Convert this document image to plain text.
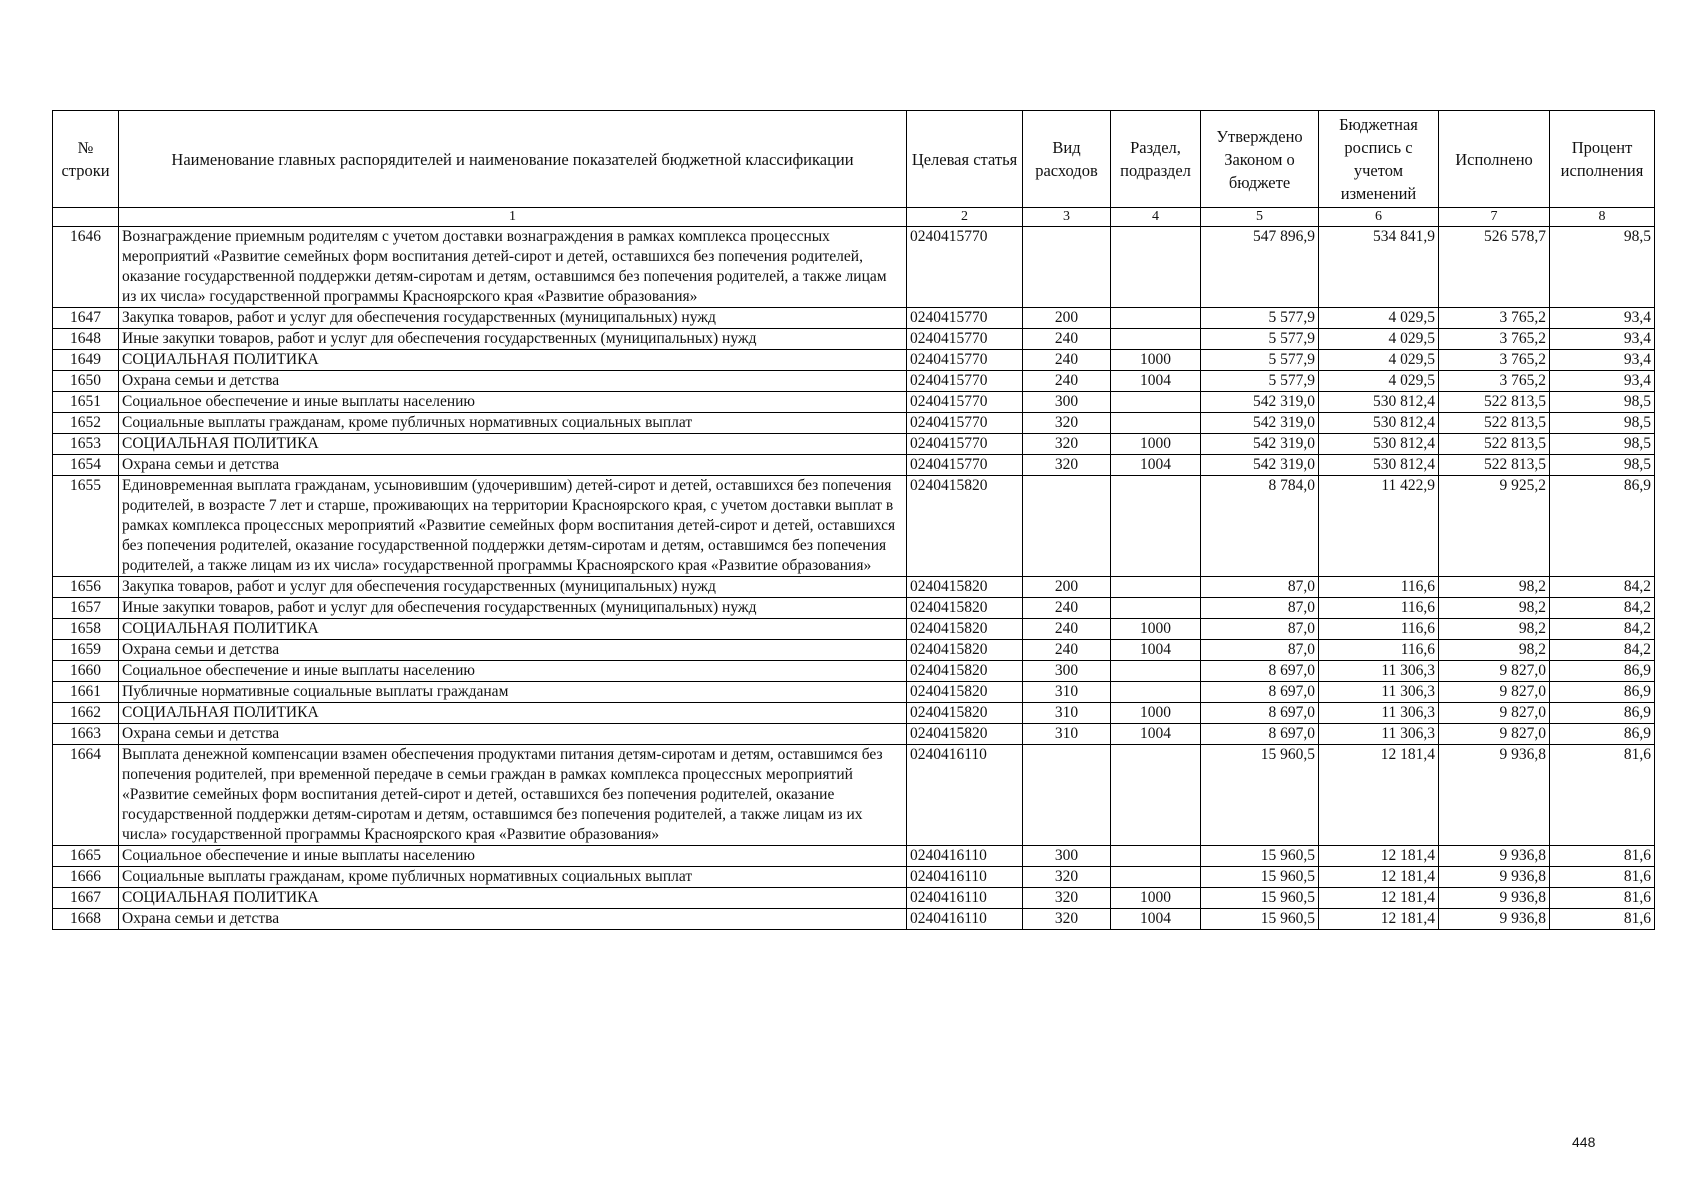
№ строки	Наименование главных распорядителей и наименование показателей бюджетной классификации	Целевая статья	Вид расходов	Раздел, подраздел	Утверждено Законом о бюджете	Бюджетная роспись с учетом изменений	Исполнено	Процент исполнения
	1	2	3	4	5	6	7	8
1646	Вознаграждение приемным родителям с учетом доставки вознаграждения в рамках комплекса процессных мероприятий «Развитие семейных форм воспитания детей-сирот и детей, оставшихся без попечения родителей, оказание государственной поддержки детям-сиротам и детям, оставшимся без попечения родителей, а также лицам из их числа» государственной программы Красноярского края «Развитие образования»	0240415770			547 896,9	534 841,9	526 578,7	98,5
1647	Закупка товаров, работ и услуг для обеспечения государственных (муниципальных) нужд	0240415770	200		5 577,9	4 029,5	3 765,2	93,4
1648	Иные закупки товаров, работ и услуг для обеспечения государственных (муниципальных) нужд	0240415770	240		5 577,9	4 029,5	3 765,2	93,4
1649	СОЦИАЛЬНАЯ ПОЛИТИКА	0240415770	240	1000	5 577,9	4 029,5	3 765,2	93,4
1650	Охрана семьи и детства	0240415770	240	1004	5 577,9	4 029,5	3 765,2	93,4
1651	Социальное обеспечение и иные выплаты населению	0240415770	300		542 319,0	530 812,4	522 813,5	98,5
1652	Социальные выплаты гражданам, кроме публичных нормативных социальных выплат	0240415770	320		542 319,0	530 812,4	522 813,5	98,5
1653	СОЦИАЛЬНАЯ ПОЛИТИКА	0240415770	320	1000	542 319,0	530 812,4	522 813,5	98,5
1654	Охрана семьи и детства	0240415770	320	1004	542 319,0	530 812,4	522 813,5	98,5
1655	Единовременная выплата гражданам, усыновившим (удочерившим) детей-сирот и детей, оставшихся без попечения родителей, в возрасте 7 лет и старше, проживающих на территории Красноярского края, с учетом доставки выплат в рамках комплекса процессных мероприятий «Развитие семейных форм воспитания детей-сирот и детей, оставшихся без попечения родителей, оказание государственной поддержки детям-сиротам и детям, оставшимся без попечения родителей, а также лицам из их числа» государственной программы Красноярского края «Развитие образования»	0240415820			8 784,0	11 422,9	9 925,2	86,9
1656	Закупка товаров, работ и услуг для обеспечения государственных (муниципальных) нужд	0240415820	200		87,0	116,6	98,2	84,2
1657	Иные закупки товаров, работ и услуг для обеспечения государственных (муниципальных) нужд	0240415820	240		87,0	116,6	98,2	84,2
1658	СОЦИАЛЬНАЯ ПОЛИТИКА	0240415820	240	1000	87,0	116,6	98,2	84,2
1659	Охрана семьи и детства	0240415820	240	1004	87,0	116,6	98,2	84,2
1660	Социальное обеспечение и иные выплаты населению	0240415820	300		8 697,0	11 306,3	9 827,0	86,9
1661	Публичные нормативные социальные выплаты гражданам	0240415820	310		8 697,0	11 306,3	9 827,0	86,9
1662	СОЦИАЛЬНАЯ ПОЛИТИКА	0240415820	310	1000	8 697,0	11 306,3	9 827,0	86,9
1663	Охрана семьи и детства	0240415820	310	1004	8 697,0	11 306,3	9 827,0	86,9
1664	Выплата денежной компенсации взамен обеспечения продуктами питания детям-сиротам и детям, оставшимся без попечения родителей, при временной передаче в семьи граждан в рамках комплекса процессных мероприятий «Развитие семейных форм воспитания детей-сирот и детей, оставшихся без попечения родителей, оказание государственной поддержки детям-сиротам и детям, оставшимся без попечения родителей, а также лицам из их числа» государственной программы Красноярского края «Развитие образования»	0240416110			15 960,5	12 181,4	9 936,8	81,6
1665	Социальное обеспечение и иные выплаты населению	0240416110	300		15 960,5	12 181,4	9 936,8	81,6
1666	Социальные выплаты гражданам, кроме публичных нормативных социальных выплат	0240416110	320		15 960,5	12 181,4	9 936,8	81,6
1667	СОЦИАЛЬНАЯ ПОЛИТИКА	0240416110	320	1000	15 960,5	12 181,4	9 936,8	81,6
1668	Охрана семьи и детства	0240416110	320	1004	15 960,5	12 181,4	9 936,8	81,6
448
